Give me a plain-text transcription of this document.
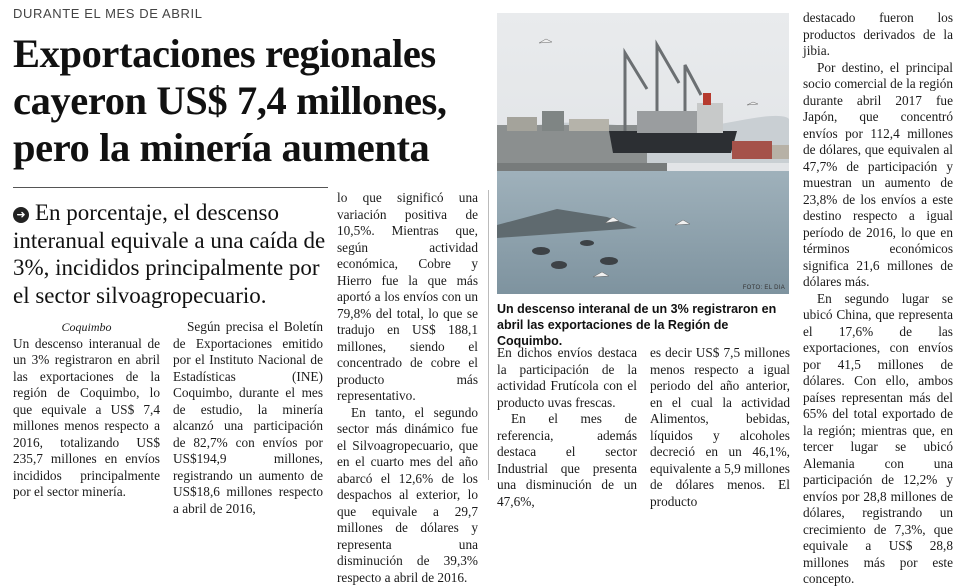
DURANTE EL MES DE ABRIL
Exportaciones regionales
cayeron US$ 7,4 millones,
pero la minería aumenta
➜ En porcentaje, el descenso interanual equivale a una caída de 3%, incididos principalmente por el sector silvoagropecuario.

Coquimbo

Un descenso interanual de un 3% registraron en abril las exportaciones de la región de Coquimbo, lo que equivale a US$ 7,4 millones menos respecto a 2016, totalizando US$ 235,7 millones en envíos incididos principalmente por el sector minería.

Según precisa el Boletín de Exportaciones emitido por el Instituto Nacional de Estadísticas (INE) Coquimbo, durante el mes de estudio, la minería alcanzó una participación de 82,7% con envíos por US$194,9 millones, registrando un aumento de US$18,6 millones respecto a abril de 2016,

lo que significó una variación positiva de 10,5%. Mientras que, según actividad económica, Cobre y Hierro fue la que más aportó a los envíos con un 79,8% del total, lo que se tradujo en US$ 188,1 millones, siendo el concentrado de cobre el producto más representativo.

En tanto, el segundo sector más dinámico fue el Silvoagropecuario, que en el cuarto mes del año abarcó el 12,6% de los despachos al exterior, lo que equivale a 29,7 millones de dólares y representa una disminución de 39,3% respecto a abril de 2016.

FOTO: EL DIA
Un descenso interanal de un 3% registraron en abril las exportaciones de la Región de Coquimbo.

En dichos envíos destaca la participación de la actividad Frutícola con el producto uvas frescas.

En el mes de referencia, además destaca el sector Industrial que presenta una disminución de un 47,6%,

es decir US$ 7,5 millones menos respecto a igual periodo del año anterior, en el cual la actividad Alimentos, bebidas, líquidos y alcoholes decreció en un 46,1%, equivalente a 5,9 millones de dólares menos. El producto

destacado fueron los productos derivados de la jibia.

Por destino, el principal socio comercial de la región durante abril 2017 fue Japón, que concentró envíos por 112,4 millones de dólares, que equivalen al 47,7% de participación y muestran un aumento de 23,8% de los envíos a este destino respecto a igual período de 2016, lo que en términos económicos significa 21,6 millones de dólares más.

En segundo lugar se ubicó China, que representa el 17,6% de las exportaciones, con envíos por 41,5 millones de dólares. Con ello, ambos países representan más del 65% del total exportado de la región; mientras que, en tercer lugar se ubicó Alemania con una participación de 12,2% y envíos por 28,8 millones de dólares, registrando un crecimiento de 7,3%, que equivale a US$ 28,8 millones más por este concepto.
